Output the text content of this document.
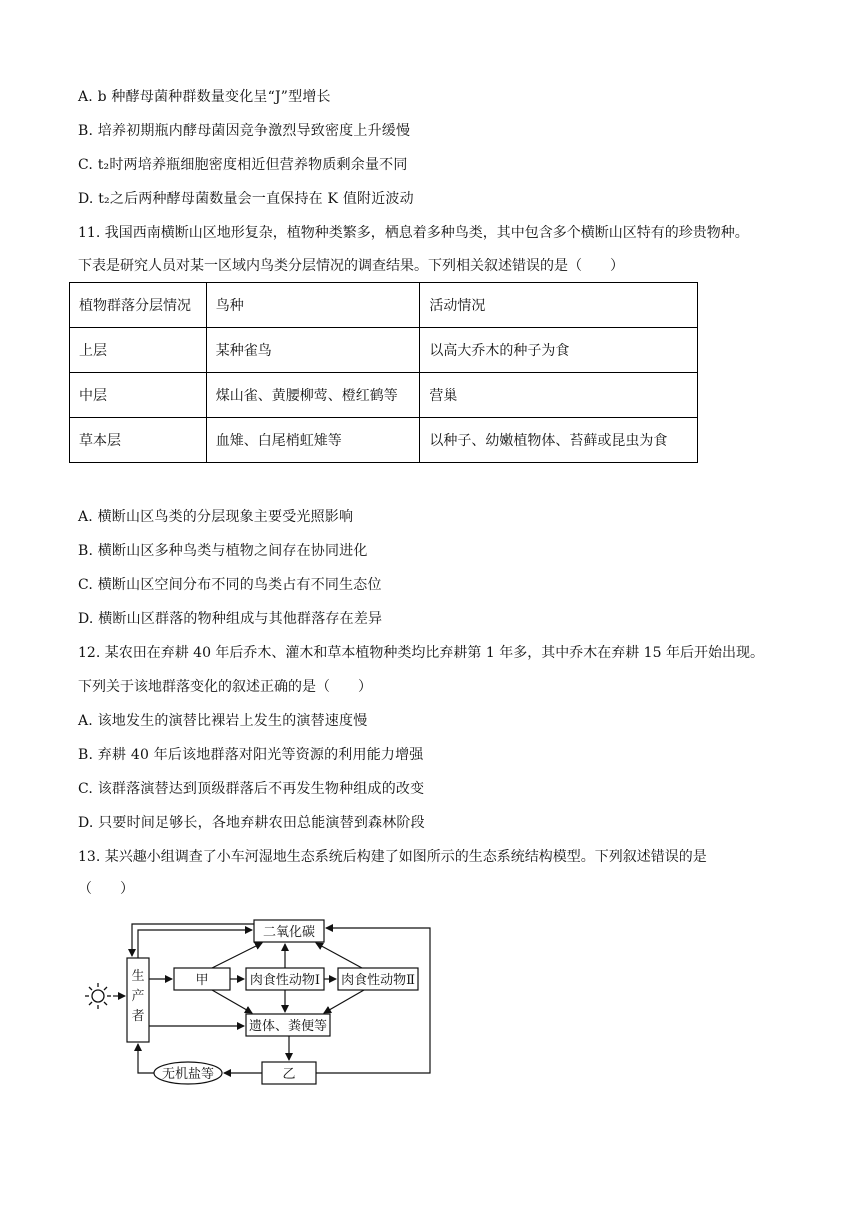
A. b 种酵母菌种群数量变化呈“J”型增长
B. 培养初期瓶内酵母菌因竞争激烈导致密度上升缓慢
C. t₂时两培养瓶细胞密度相近但营养物质剩余量不同
D. t₂之后两种酵母菌数量会一直保持在 K 值附近波动
11. 我国西南横断山区地形复杂，植物种类繁多，栖息着多种鸟类，其中包含多个横断山区特有的珍贵物种。
下表是研究人员对某一区域内鸟类分层情况的调查结果。下列相关叙述错误的是（　　）
植物群落分层情况	鸟种	活动情况
上层	某种雀鸟	以高大乔木的种子为食
中层	煤山雀、黄腰柳莺、橙红鹤等	营巢
草本层	血雉、白尾梢虹雉等	以种子、幼嫩植物体、苔藓或昆虫为食
A. 横断山区鸟类的分层现象主要受光照影响
B. 横断山区多种鸟类与植物之间存在协同进化
C. 横断山区空间分布不同的鸟类占有不同生态位
D. 横断山区群落的物种组成与其他群落存在差异
12. 某农田在弃耕 40 年后乔木、灌木和草本植物种类均比弃耕第 1 年多，其中乔木在弃耕 15 年后开始出现。
下列关于该地群落变化的叙述正确的是（　　）
A. 该地发生的演替比裸岩上发生的演替速度慢
B. 弃耕 40 年后该地群落对阳光等资源的利用能力增强
C. 该群落演替达到顶级群落后不再发生物种组成的改变
D. 只要时间足够长，各地弃耕农田总能演替到森林阶段
13. 某兴趣小组调查了小车河湿地生态系统后构建了如图所示的生态系统结构模型。下列叙述错误的是
（　　）
生
产
者
二氧化碳
甲	肉食性动物Ⅰ 肉食性动物Ⅱ
遗体、粪便等
乙
无机盐等
